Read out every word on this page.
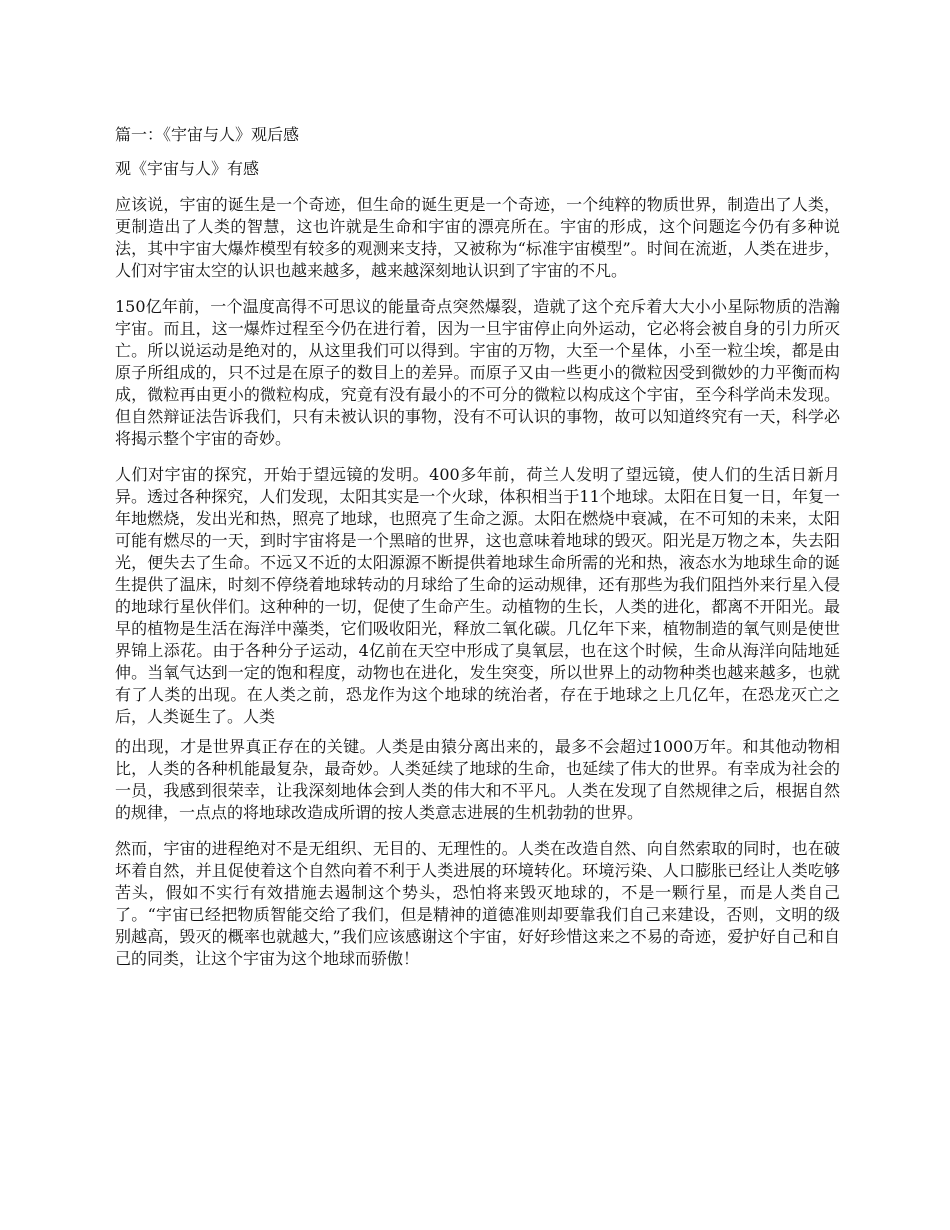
篇一：《宇宙与人》观后感

观《宇宙与人》有感

应该说，宇宙的诞生是一个奇迹，但生命的诞生更是一个奇迹，一个纯粹的物质世界，制造出了人类，更制造出了人类的智慧，这也许就是生命和宇宙的漂亮所在。宇宙的形成，这个问题迄今仍有多种说法，其中宇宙大爆炸模型有较多的观测来支持，又被称为“标准宇宙模型”。时间在流逝，人类在进步，人们对宇宙太空的认识也越来越多，越来越深刻地认识到了宇宙的不凡。

150亿年前，一个温度高得不可思议的能量奇点突然爆裂，造就了这个充斥着大大小小星际物质的浩瀚宇宙。而且，这一爆炸过程至今仍在进行着，因为一旦宇宙停止向外运动，它必将会被自身的引力所灭亡。所以说运动是绝对的，从这里我们可以得到。宇宙的万物，大至一个星体，小至一粒尘埃，都是由原子所组成的，只不过是在原子的数目上的差异。而原子又由一些更小的微粒因受到微妙的力平衡而构成，微粒再由更小的微粒构成，究竟有没有最小的不可分的微粒以构成这个宇宙，至今科学尚未发现。但自然辩证法告诉我们，只有未被认识的事物，没有不可认识的事物，故可以知道终究有一天，科学必将揭示整个宇宙的奇妙。

人们对宇宙的探究，开始于望远镜的发明。400多年前，荷兰人发明了望远镜，使人们的生活日新月异。透过各种探究，人们发现，太阳其实是一个火球，体积相当于11个地球。太阳在日复一日，年复一年地燃烧，发出光和热，照亮了地球，也照亮了生命之源。太阳在燃烧中衰减，在不可知的未来，太阳可能有燃尽的一天，到时宇宙将是一个黑暗的世界，这也意味着地球的毁灭。阳光是万物之本，失去阳光，便失去了生命。不远又不近的太阳源源不断提供着地球生命所需的光和热，液态水为地球生命的诞生提供了温床，时刻不停绕着地球转动的月球给了生命的运动规律，还有那些为我们阻挡外来行星入侵的地球行星伙伴们。这种种的一切，促使了生命产生。动植物的生长，人类的进化，都离不开阳光。最早的植物是生活在海洋中藻类，它们吸收阳光，释放二氧化碳。几亿年下来，植物制造的氧气则是使世界锦上添花。由于各种分子运动，4亿前在天空中形成了臭氧层，也在这个时候，生命从海洋向陆地延伸。当氧气达到一定的饱和程度，动物也在进化，发生突变，所以世界上的动物种类也越来越多，也就有了人类的出现。在人类之前，恐龙作为这个地球的统治者，存在于地球之上几亿年，在恐龙灭亡之后，人类诞生了。人类

的出现，才是世界真正存在的关键。人类是由猿分离出来的，最多不会超过1000万年。和其他动物相比，人类的各种机能最复杂，最奇妙。人类延续了地球的生命，也延续了伟大的世界。有幸成为社会的一员，我感到很荣幸，让我深刻地体会到人类的伟大和不平凡。人类在发现了自然规律之后，根据自然的规律，一点点的将地球改造成所谓的按人类意志进展的生机勃勃的世界。

然而，宇宙的进程绝对不是无组织、无目的、无理性的。人类在改造自然、向自然索取的同时，也在破坏着自然，并且促使着这个自然向着不利于人类进展的环境转化。环境污染、人口膨胀已经让人类吃够苦头，假如不实行有效措施去遏制这个势头，恐怕将来毁灭地球的，不是一颗行星，而是人类自己了。“宇宙已经把物质智能交给了我们，但是精神的道德准则却要靠我们自己来建设，否则，文明的级别越高，毁灭的概率也就越大，”我们应该感谢这个宇宙，好好珍惜这来之不易的奇迹，爱护好自己和自己的同类，让这个宇宙为这个地球而骄傲！
